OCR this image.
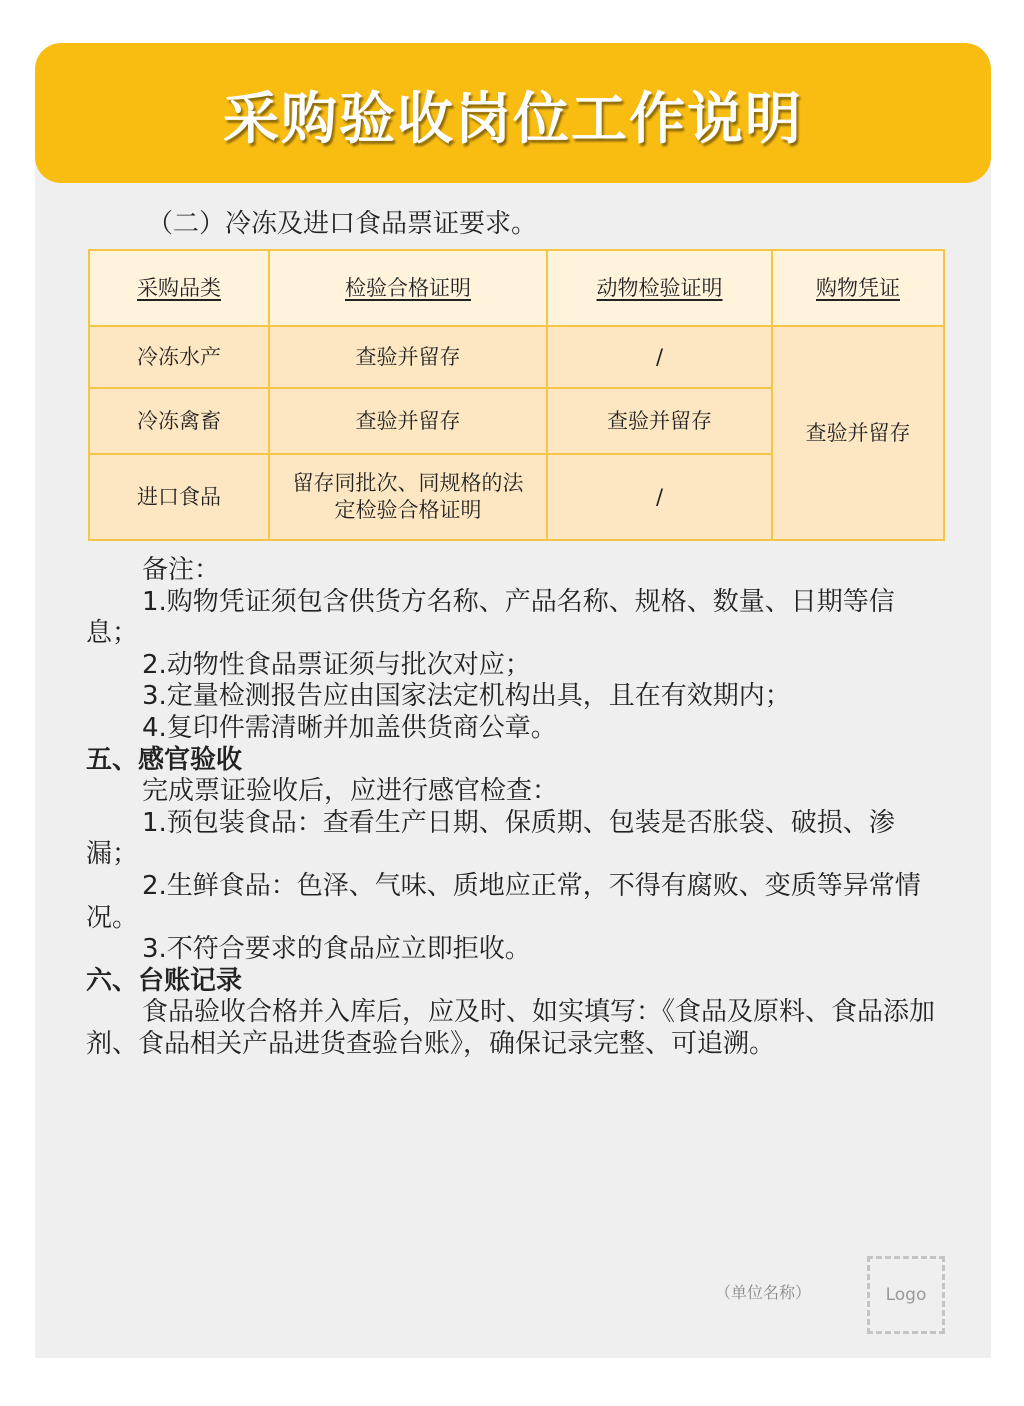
采购验收岗位工作说明
（二）冷冻及进口食品票证要求。
采购品类	检验合格证明	动物检验证明	购物凭证
冷冻水产	查验并留存	/	查验并留存
冷冻禽畜	查验并留存	查验并留存	
进口食品	留存同批次、同规格的法定检验合格证明	/	

备注：

1.购物凭证须包含供货方名称、产品名称、规格、数量、日期等信息；

2.动物性食品票证须与批次对应；

3.定量检测报告应由国家法定机构出具，且在有效期内；

4.复印件需清晰并加盖供货商公章。

五、感官验收

完成票证验收后，应进行感官检查：

1.预包装食品：查看生产日期、保质期、包装是否胀袋、破损、渗漏；

2.生鲜食品：色泽、气味、质地应正常，不得有腐败、变质等异常情况。

3.不符合要求的食品应立即拒收。

六、台账记录

食品验收合格并入库后，应及时、如实填写：《食品及原料、食品添加剂、食品相关产品进货查验台账》，确保记录完整、可追溯。

（单位名称）	Logo
